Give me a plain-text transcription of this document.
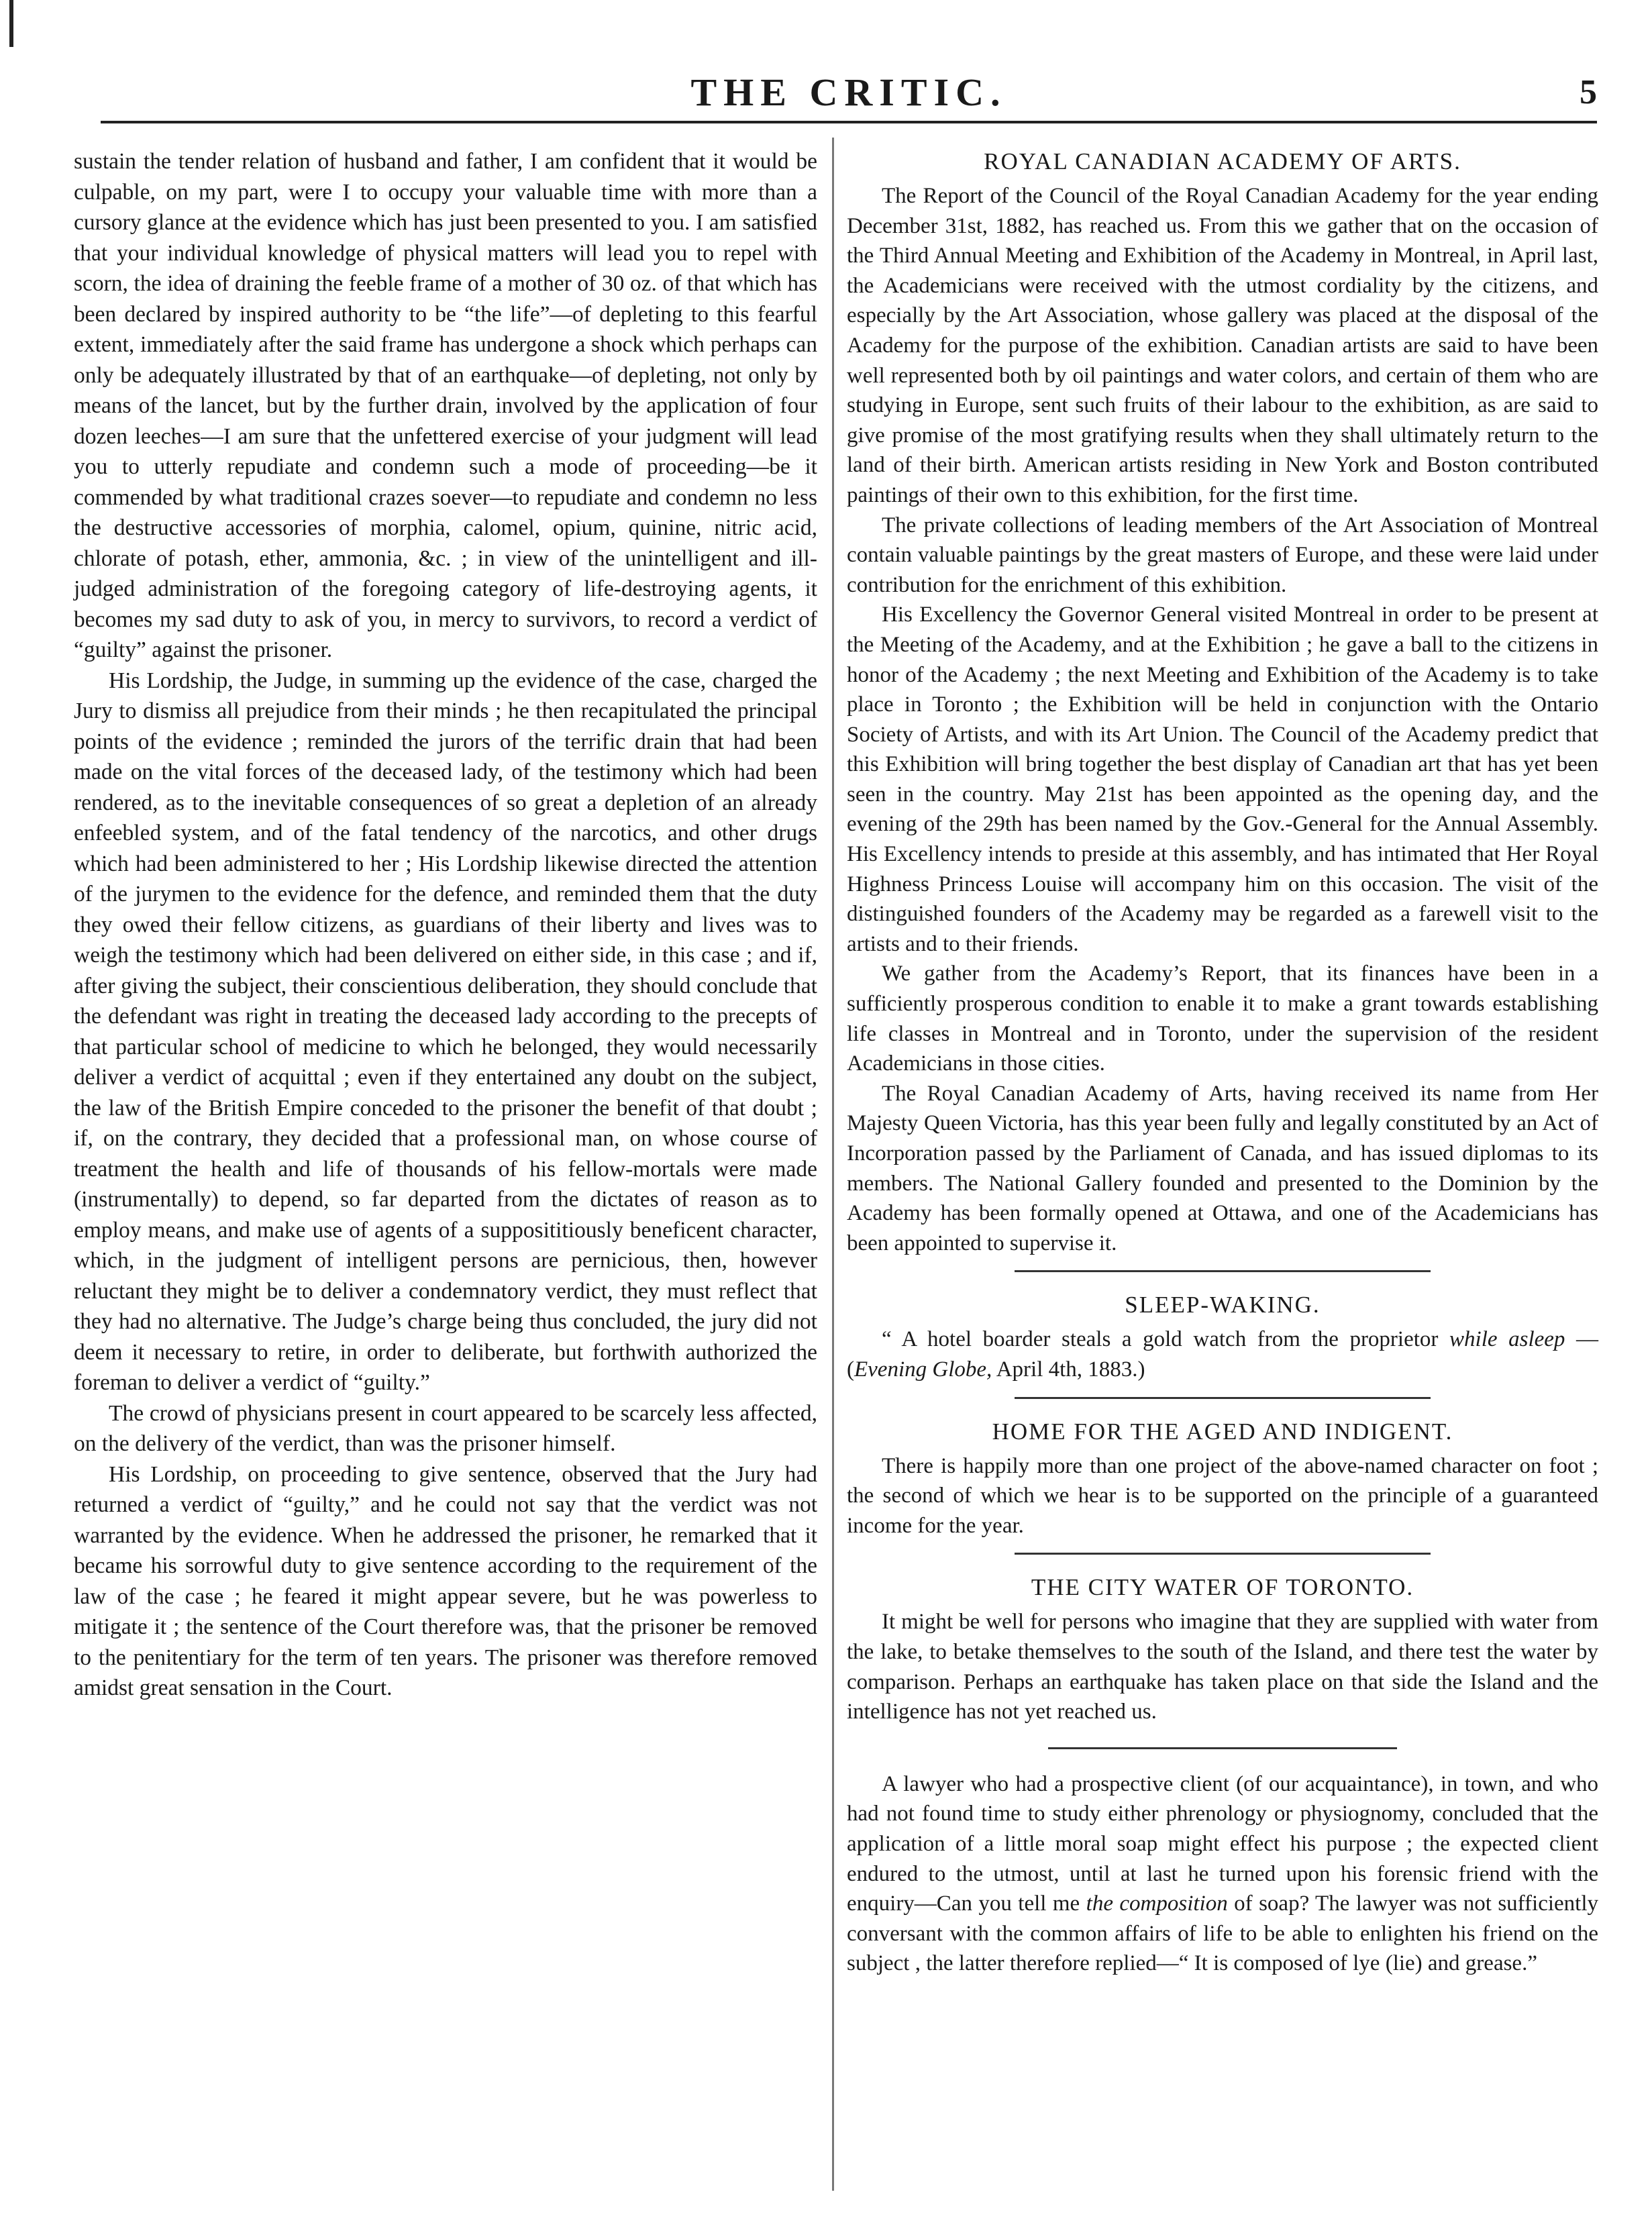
THE CRITIC.	5

sustain the tender relation of husband and father, I am confident that it would be culpable, on my part, were I to occupy your valuable time with more than a cursory glance at the evidence which has just been presented to you. I am satisfied that your individual knowledge of physical matters will lead you to repel with scorn, the idea of draining the feeble frame of a mother of 30 oz. of that which has been declared by inspired authority to be “the life”—of depleting to this fearful extent, immediately after the said frame has undergone a shock which perhaps can only be adequately illustrated by that of an earthquake—of depleting, not only by means of the lancet, but by the further drain, involved by the application of four dozen leeches—I am sure that the unfettered exercise of your judgment will lead you to utterly repudiate and condemn such a mode of proceeding—be it commended by what traditional crazes soever—to repudiate and condemn no less the destructive accessories of morphia, calomel, opium, quinine, nitric acid, chlorate of potash, ether, ammonia, &c. ; in view of the unintelligent and ill-judged administration of the foregoing category of life-destroying agents, it becomes my sad duty to ask of you, in mercy to survivors, to record a verdict of “guilty” against the prisoner.

His Lordship, the Judge, in summing up the evidence of the case, charged the Jury to dismiss all prejudice from their minds ; he then recapitulated the principal points of the evidence ; reminded the jurors of the terrific drain that had been made on the vital forces of the deceased lady, of the testimony which had been rendered, as to the inevitable consequences of so great a depletion of an already enfeebled system, and of the fatal tendency of the narcotics, and other drugs which had been administered to her ; His Lordship likewise directed the attention of the jurymen to the evidence for the defence, and reminded them that the duty they owed their fellow citizens, as guardians of their liberty and lives was to weigh the testimony which had been delivered on either side, in this case ; and if, after giving the subject, their conscientious deliberation, they should conclude that the defendant was right in treating the deceased lady according to the precepts of that particular school of medicine to which he belonged, they would necessarily deliver a verdict of acquittal ; even if they entertained any doubt on the subject, the law of the British Empire conceded to the prisoner the benefit of that doubt ; if, on the contrary, they decided that a professional man, on whose course of treatment the health and life of thousands of his fellow-mortals were made (instrumentally) to depend, so far departed from the dictates of reason as to employ means, and make use of agents of a supposititiously beneficent character, which, in the judgment of intelligent persons are pernicious, then, however reluctant they might be to deliver a condemnatory verdict, they must reflect that they had no alternative. The Judge’s charge being thus concluded, the jury did not deem it necessary to retire, in order to deliberate, but forthwith authorized the foreman to deliver a verdict of “guilty.”

The crowd of physicians present in court appeared to be scarcely less affected, on the delivery of the verdict, than was the prisoner himself.

His Lordship, on proceeding to give sentence, observed that the Jury had returned a verdict of “guilty,” and he could not say that the verdict was not warranted by the evidence. When he addressed the prisoner, he remarked that it became his sorrowful duty to give sentence according to the requirement of the law of the case ; he feared it might appear severe, but he was powerless to mitigate it ; the sentence of the Court therefore was, that the prisoner be removed to the penitentiary for the term of ten years. The prisoner was therefore removed amidst great sensation in the Court.

ROYAL CANADIAN ACADEMY OF ARTS.

The Report of the Council of the Royal Canadian Academy for the year ending December 31st, 1882, has reached us. From this we gather that on the occasion of the Third Annual Meeting and Exhibition of the Academy in Montreal, in April last, the Academicians were received with the utmost cordiality by the citizens, and especially by the Art Association, whose gallery was placed at the disposal of the Academy for the purpose of the exhibition. Canadian artists are said to have been well represented both by oil paintings and water colors, and certain of them who are studying in Europe, sent such fruits of their labour to the exhibition, as are said to give promise of the most gratifying results when they shall ultimately return to the land of their birth. American artists residing in New York and Boston contributed paintings of their own to this exhibition, for the first time.

The private collections of leading members of the Art Association of Montreal contain valuable paintings by the great masters of Europe, and these were laid under contribution for the enrichment of this exhibition.

His Excellency the Governor General visited Montreal in order to be present at the Meeting of the Academy, and at the Exhibition ; he gave a ball to the citizens in honor of the Academy ; the next Meeting and Exhibition of the Academy is to take place in Toronto ; the Exhibition will be held in conjunction with the Ontario Society of Artists, and with its Art Union. The Council of the Academy predict that this Exhibition will bring together the best display of Canadian art that has yet been seen in the country. May 21st has been appointed as the opening day, and the evening of the 29th has been named by the Gov.-General for the Annual Assembly. His Excellency intends to preside at this assembly, and has intimated that Her Royal Highness Princess Louise will accompany him on this occasion. The visit of the distinguished founders of the Academy may be regarded as a farewell visit to the artists and to their friends.

We gather from the Academy’s Report, that its finances have been in a sufficiently prosperous condition to enable it to make a grant towards establishing life classes in Montreal and in Toronto, under the supervision of the resident Academicians in those cities.

The Royal Canadian Academy of Arts, having received its name from Her Majesty Queen Victoria, has this year been fully and legally constituted by an Act of Incorporation passed by the Parliament of Canada, and has issued diplomas to its members. The National Gallery founded and presented to the Dominion by the Academy has been formally opened at Ottawa, and one of the Academicians has been appointed to supervise it.

SLEEP-WAKING.

“ A hotel boarder steals a gold watch from the proprietor while asleep —(Evening Globe, April 4th, 1883.)

HOME FOR THE AGED AND INDIGENT.

There is happily more than one project of the above-named character on foot ; the second of which we hear is to be supported on the principle of a guaranteed income for the year.

THE CITY WATER OF TORONTO.

It might be well for persons who imagine that they are supplied with water from the lake, to betake themselves to the south of the Island, and there test the water by comparison. Perhaps an earthquake has taken place on that side the Island and the intelligence has not yet reached us.

A lawyer who had a prospective client (of our acquaintance), in town, and who had not found time to study either phrenology or physiognomy, concluded that the application of a little moral soap might effect his purpose ; the expected client endured to the utmost, until at last he turned upon his forensic friend with the enquiry—Can you tell me the composition of soap? The lawyer was not sufficiently conversant with the common affairs of life to be able to enlighten his friend on the subject , the latter therefore replied—“ It is composed of lye (lie) and grease.”
